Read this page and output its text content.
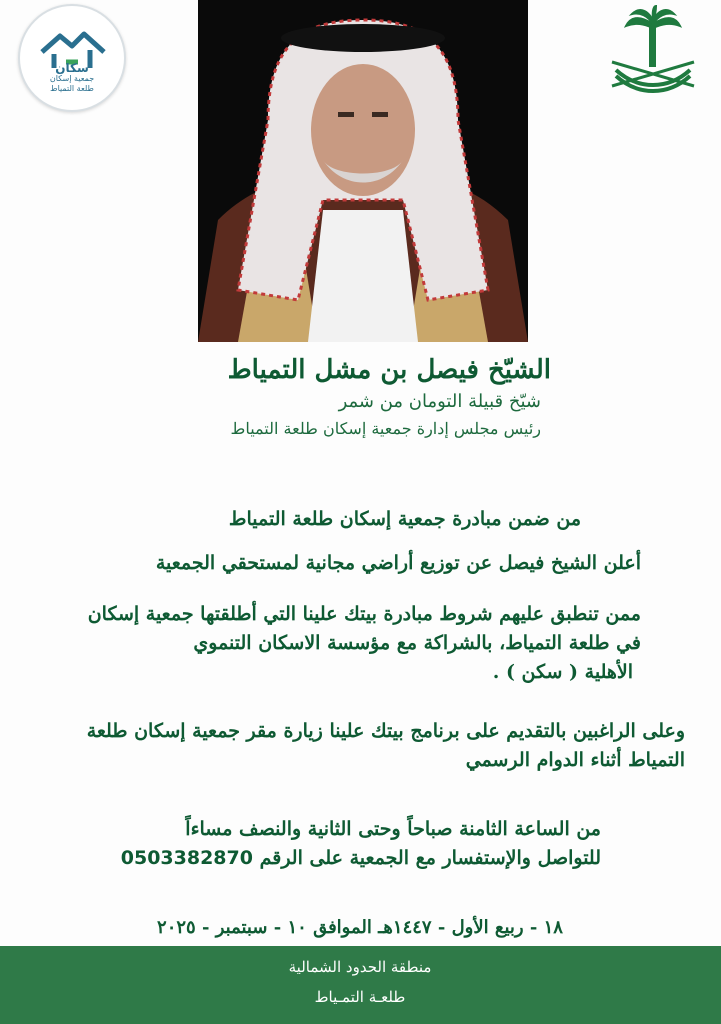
سكان
جمعية إسكان
طلعة التمياط
الشيّخ فيصل بن مشل التمياط
شيّخ قبيلة التومان من شمر
رئيس مجلس إدارة جمعية إسكان طلعة التمياط
من ضمن مبادرة جمعية إسكان طلعة التمياط
أعلن الشيخ فيصل عن توزيع أراضي مجانية لمستحقي الجمعية
ممن تنطبق عليهم شروط مبادرة بيتك علينا التي أطلقتها جمعية إسكان
في طلعة التمياط، بالشراكة مع مؤسسة الاسكان التنموي
الأهلية ( سكن ) .
وعلى الراغبين بالتقديم على برنامج بيتك علينا زيارة مقر جمعية إسكان طلعة
التمياط أثناء الدوام الرسمي
من الساعة الثامنة صباحاً وحتى الثانية والنصف مساءاً
للتواصل والإستفسار مع الجمعية على الرقم 0503382870
١٨ - ربيع الأول - ١٤٤٧هـ الموافق ١٠ - سبتمبر - ٢٠٢٥
منطقة الحدود الشمالية
طلعـة التمـياط
